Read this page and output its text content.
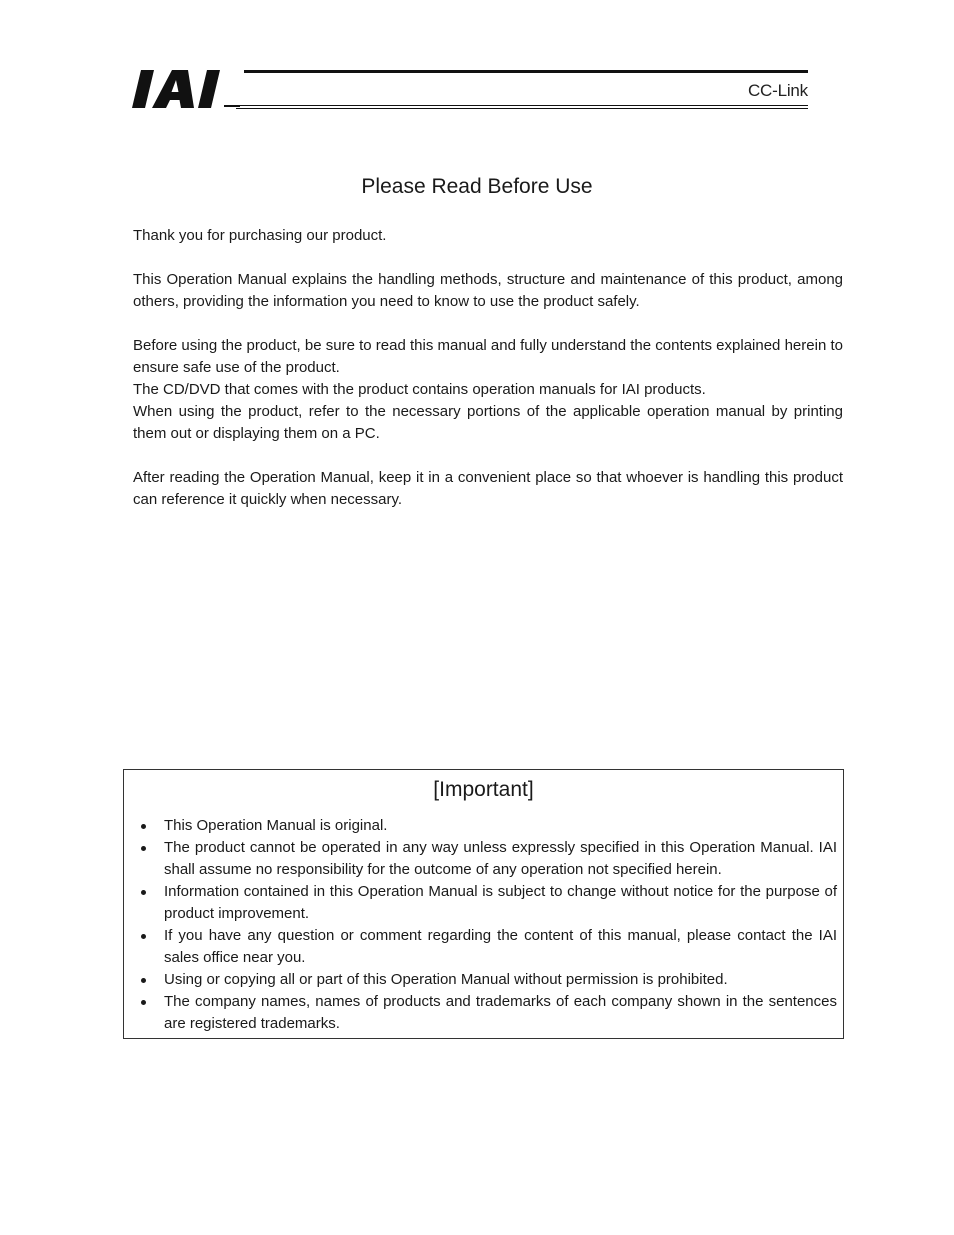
CC-Link
Please Read Before Use

Thank you for purchasing our product.

This Operation Manual explains the handling methods, structure and maintenance of this product, among others, providing the information you need to know to use the product safely.

Before using the product, be sure to read this manual and fully understand the contents explained herein to ensure safe use of the product.

The CD/DVD that comes with the product contains operation manuals for IAI products.

When using the product, refer to the necessary portions of the applicable operation manual by printing them out or displaying them on a PC.

After reading the Operation Manual, keep it in a convenient place so that whoever is handling this product can reference it quickly when necessary.

[Important]
This Operation Manual is original.
The product cannot be operated in any way unless expressly specified in this Operation Manual. IAI shall assume no responsibility for the outcome of any operation not specified herein.
Information contained in this Operation Manual is subject to change without notice for the purpose of product improvement.
If you have any question or comment regarding the content of this manual, please contact the IAI sales office near you.
Using or copying all or part of this Operation Manual without permission is prohibited.
The company names, names of products and trademarks of each company shown in the sentences are registered trademarks.
